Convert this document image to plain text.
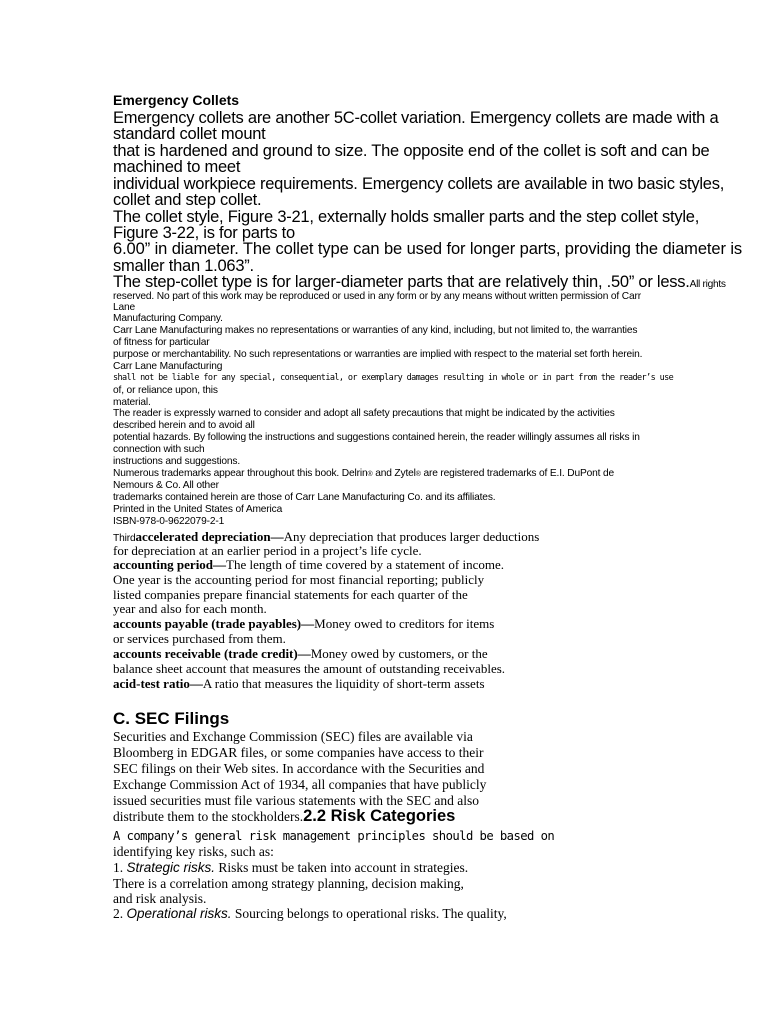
Emergency Collets
Emergency collets are another 5C-collet variation. Emergency collets are made with a
standard collet mount
that is hardened and ground to size. The opposite end of the collet is soft and can be
machined to meet
individual workpiece requirements. Emergency collets are available in two basic styles,
collet and step collet.
The collet style, Figure 3-21, externally holds smaller parts and the step collet style,
Figure 3-22, is for parts to
6.00” in diameter. The collet type can be used for longer parts, providing the diameter is
smaller than 1.063”.
The step-collet type is for larger-diameter parts that are relatively thin, .50” or less.All rights
reserved. No part of this work may be reproduced or used in any form or by any means without written permission of Carr
Lane
Manufacturing Company.
Carr Lane Manufacturing makes no representations or warranties of any kind, including, but not limited to, the warranties
of fitness for particular
purpose or merchantability. No such representations or warranties are implied with respect to the material set forth herein.
Carr Lane Manufacturing
shall not be liable for any special, consequential, or exemplary damages resulting in whole or in part from the reader’s use
of, or reliance upon, this
material.
The reader is expressly warned to consider and adopt all safety precautions that might be indicated by the activities
described herein and to avoid all
potential hazards. By following the instructions and suggestions contained herein, the reader willingly assumes all risks in
connection with such
instructions and suggestions.
Numerous trademarks appear throughout this book. Delrin® and Zytel® are registered trademarks of E.I. DuPont de
Nemours & Co. All other
trademarks contained herein are those of Carr Lane Manufacturing Co. and its affiliates.
Printed in the United States of America
ISBN-978-0-9622079-2-1
Thirdaccelerated depreciation—Any depreciation that produces larger deductions
for depreciation at an earlier period in a project’s life cycle.
accounting period—The length of time covered by a statement of income.
One year is the accounting period for most financial reporting; publicly
listed companies prepare financial statements for each quarter of the
year and also for each month.
accounts payable (trade payables)—Money owed to creditors for items
or services purchased from them.
accounts receivable (trade credit)—Money owed by customers, or the
balance sheet account that measures the amount of outstanding receivables.
acid-test ratio—A ratio that measures the liquidity of short-term assets
C. SEC Filings
Securities and Exchange Commission (SEC) files are available via
Bloomberg in EDGAR files, or some companies have access to their
SEC filings on their Web sites. In accordance with the Securities and
Exchange Commission Act of 1934, all companies that have publicly
issued securities must file various statements with the SEC and also
distribute them to the stockholders.2.2 Risk Categories
A company’s general risk management principles should be based on
identifying key risks, such as:
1. Strategic risks. Risks must be taken into account in strategies.
There is a correlation among strategy planning, decision making,
and risk analysis.
2. Operational risks. Sourcing belongs to operational risks. The quality,
